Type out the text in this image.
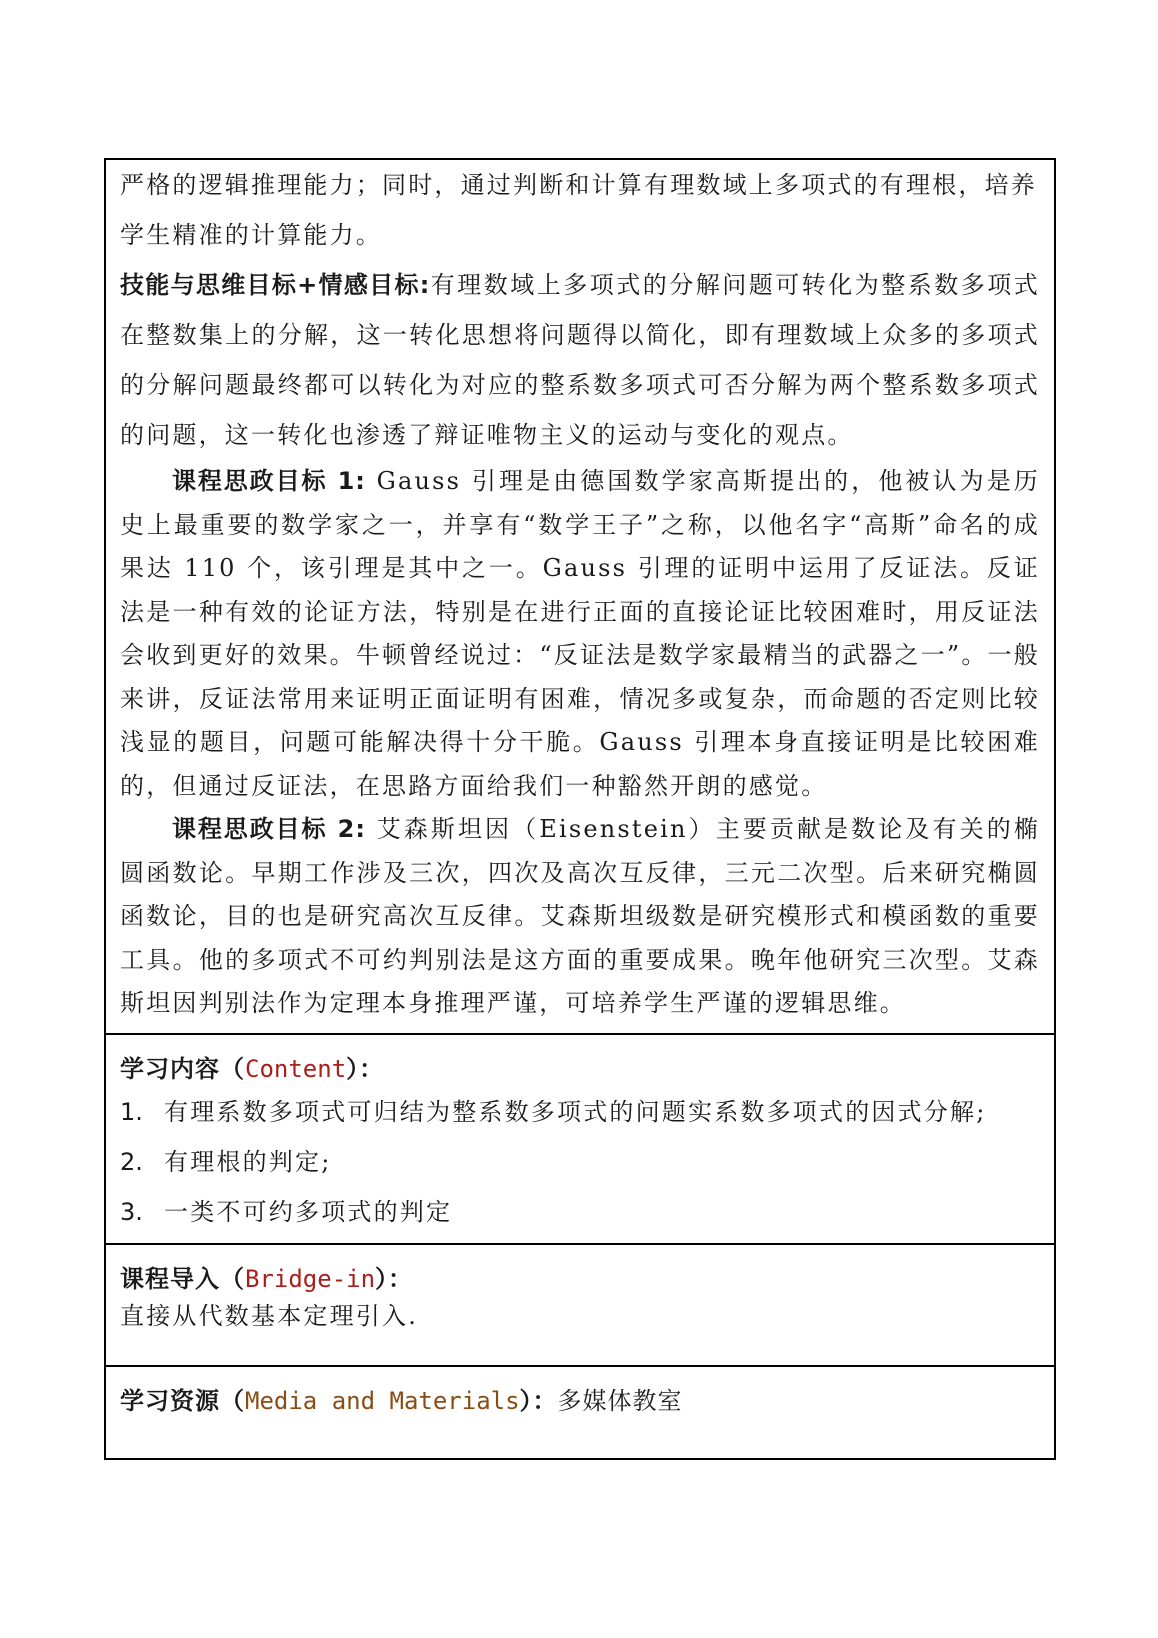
严格的逻辑推理能力；同时，通过判断和计算有理数域上多项式的有理根，培养

学生精准的计算能力。

技能与思维目标+情感目标:有理数域上多项式的分解问题可转化为整系数多项式在整数集上的分解，这一转化思想将问题得以简化，即有理数域上众多的多项式的分解问题最终都可以转化为对应的整系数多项式可否分解为两个整系数多项式的问题，这一转化也渗透了辩证唯物主义的运动与变化的观点。

课程思政目标 1: Gauss 引理是由德国数学家高斯提出的，他被认为是历史上最重要的数学家之一，并享有“数学王子”之称，以他名字“高斯”命名的成果达 110 个，该引理是其中之一。Gauss 引理的证明中运用了反证法。反证法是一种有效的论证方法，特别是在进行正面的直接论证比较困难时，用反证法会收到更好的效果。牛顿曾经说过：“反证法是数学家最精当的武器之一”。一般来讲，反证法常用来证明正面证明有困难，情况多或复杂，而命题的否定则比较浅显的题目，问题可能解决得十分干脆。Gauss 引理本身直接证明是比较困难的，但通过反证法，在思路方面给我们一种豁然开朗的感觉。

课程思政目标 2: 艾森斯坦因（Eisenstein）主要贡献是数论及有关的椭圆函数论。早期工作涉及三次，四次及高次互反律，三元二次型。后来研究椭圆函数论，目的也是研究高次互反律。艾森斯坦级数是研究模形式和模函数的重要工具。他的多项式不可约判别法是这方面的重要成果。晚年他研究三次型。艾森斯坦因判别法作为定理本身推理严谨，可培养学生严谨的逻辑思维。

学习内容（Content）：

1. 有理系数多项式可归结为整系数多项式的问题实系数多项式的因式分解;
2. 有理根的判定;
3. 一类不可约多项式的判定

课程导入（Bridge-in）：

直接从代数基本定理引入.

学习资源（Media and Materials）：多媒体教室
